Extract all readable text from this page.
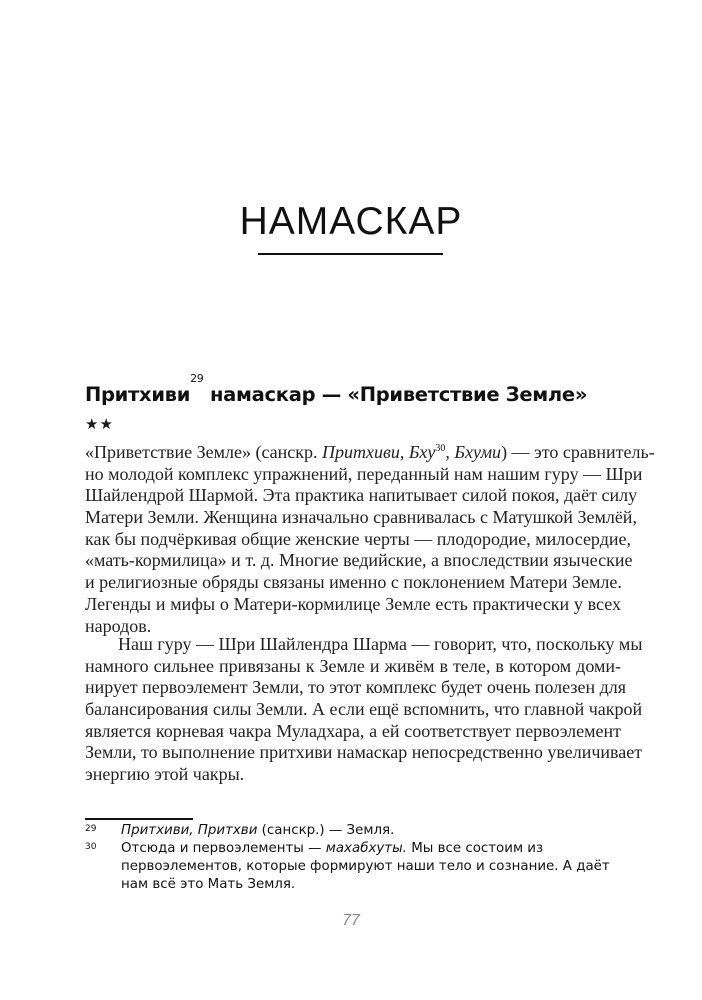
НАМАСКАР
Притхиви$^{29}$ намаскар — «Приветствие Земле»
★★
«Приветствие Земле» (санскр. Притхиви, Бху$^{30}$, Бхуми) — это сравнитель-
но молодой комплекс упражнений, переданный нам нашим гуру — Шри
Шайлендрой Шармой. Эта практика напитывает силой покоя, даёт силу
Матери Земли. Женщина изначально сравнивалась с Матушкой Землёй,
как бы подчёркивая общие женские черты — плодородие, милосердие,
«мать-кормилица» и т. д. Многие ведийские, а впоследствии языческие
и религиозные обряды связаны именно с поклонением Матери Земле.
Легенды и мифы о Матери-кормилице Земле есть практически у всех
народов.
Наш гуру — Шри Шайлендра Шарма — говорит, что, поскольку мы
намного сильнее привязаны к Земле и живём в теле, в котором доми-
нирует первоэлемент Земли, то этот комплекс будет очень полезен для
балансирования силы Земли. А если ещё вспомнить, что главной чакрой
является корневая чакра Муладхара, а ей соответствует первоэлемент
Земли, то выполнение притхиви намаскар непосредственно увеличивает
энергию этой чакры.
29	Притхиви, Притхви (санскр.) — Земля.
30	Отсюда и первоэлементы — махабхуты. Мы все состоим из первоэлементов, которые формируют наши тело и сознание. А даёт нам всё это Мать Земля.
77
